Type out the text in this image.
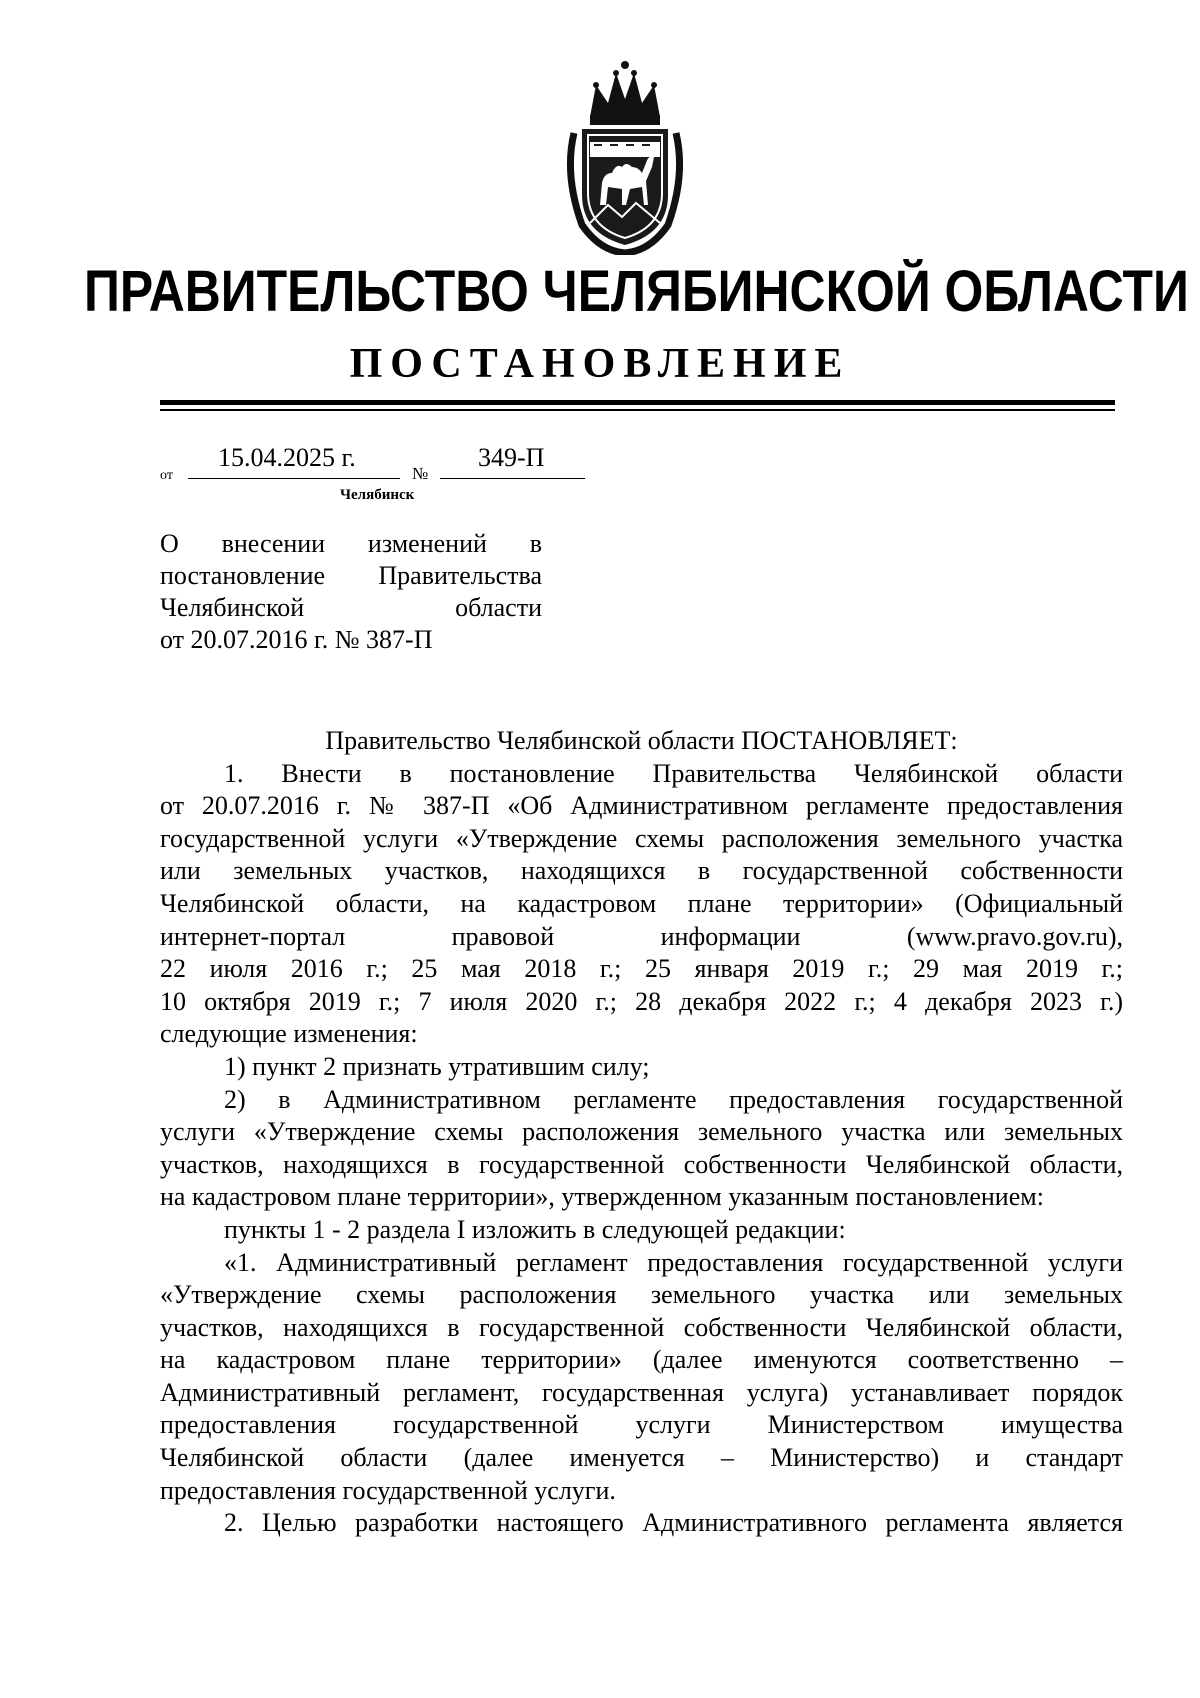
ПРАВИТЕЛЬСТВО ЧЕЛЯБИНСКОЙ ОБЛАСТИ
ПОСТАНОВЛЕНИЕ
от
15.04.2025 г.
№
349-П
Челябинск
О внесении изменений в
постановление Правительства
Челябинской области
от 20.07.2016 г. № 387-П
Правительство Челябинской области ПОСТАНОВЛЯЕТ:
1. Внести в постановление Правительства Челябинской области
от 20.07.2016 г. № 387-П «Об Административном регламенте предоставления
государственной услуги «Утверждение схемы расположения земельного участка
или земельных участков, находящихся в государственной собственности
Челябинской области, на кадастровом плане территории» (Официальный
интернет-портал правовой информации (www.pravo.gov.ru),
22 июля 2016 г.; 25 мая 2018 г.; 25 января 2019 г.; 29 мая 2019 г.;
10 октября 2019 г.; 7 июля 2020 г.; 28 декабря 2022 г.; 4 декабря 2023 г.)
следующие изменения:
1) пункт 2 признать утратившим силу;
2) в Административном регламенте предоставления государственной
услуги «Утверждение схемы расположения земельного участка или земельных
участков, находящихся в государственной собственности Челябинской области,
на кадастровом плане территории», утвержденном указанным постановлением:
пункты 1 - 2 раздела I изложить в следующей редакции:
«1. Административный регламент предоставления государственной услуги
«Утверждение схемы расположения земельного участка или земельных
участков, находящихся в государственной собственности Челябинской области,
на кадастровом плане территории» (далее именуются соответственно –
Административный регламент, государственная услуга) устанавливает порядок
предоставления государственной услуги Министерством имущества
Челябинской области (далее именуется – Министерство) и стандарт
предоставления государственной услуги.
2. Целью разработки настоящего Административного регламента является
